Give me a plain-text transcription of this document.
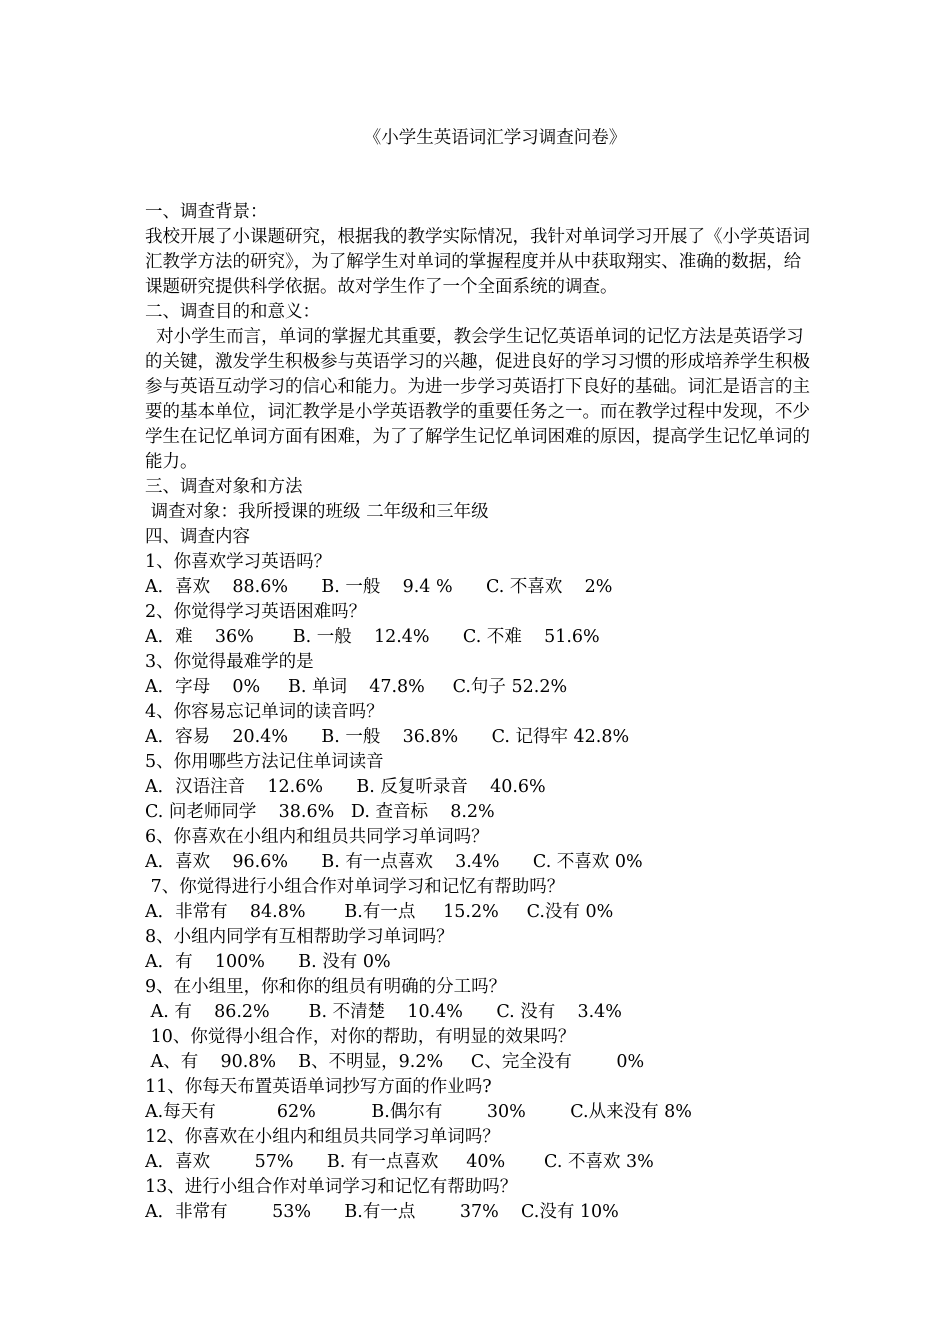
《小学生英语词汇学习调查问卷》
一、调查背景：
我校开展了小课题研究，根据我的教学实际情况，我针对单词学习开展了《小学英语词汇教学方法的研究》，为了解学生对单词的掌握程度并从中获取翔实、准确的数据，给课题研究提供科学依据。故对学生作了一个全面系统的调查。
二、调查目的和意义：
对小学生而言，单词的掌握尤其重要，教会学生记忆英语单词的记忆方法是英语学习的关键，激发学生积极参与英语学习的兴趣，促进良好的学习习惯的形成培养学生积极参与英语互动学习的信心和能力。为进一步学习英语打下良好的基础。词汇是语言的主要的基本单位，词汇教学是小学英语教学的重要任务之一。而在教学过程中发现，不少学生在记忆单词方面有困难，为了了解学生记忆单词困难的原因，提高学生记忆单词的能力。
三、调查对象和方法
调查对象：我所授课的班级 二年级和三年级
四、调查内容
1、你喜欢学习英语吗？
A．喜欢    88.6%      B. 一般    9.4 %      C. 不喜欢    2%
2、你觉得学习英语困难吗？
A．难    36%       B. 一般    12.4%      C. 不难    51.6%
3、你觉得最难学的是
A．字母    0%     B. 单词    47.8%     C.句子 52.2%
4、你容易忘记单词的读音吗？
A．容易    20.4%      B. 一般    36.8%      C. 记得牢 42.8%
5、你用哪些方法记住单词读音
A．汉语注音    12.6%      B. 反复听录音    40.6%
C. 问老师同学    38.6%   D. 查音标    8.2%
6、你喜欢在小组内和组员共同学习单词吗？
A．喜欢    96.6%      B. 有一点喜欢    3.4%      C. 不喜欢 0%
7、你觉得进行小组合作对单词学习和记忆有帮助吗？
A．非常有    84.8%       B.有一点     15.2%     C.没有 0%
8、小组内同学有互相帮助学习单词吗？
A．有    100%      B. 没有 0%
9、在小组里，你和你的组员有明确的分工吗？
A. 有    86.2%       B. 不清楚    10.4%      C. 没有    3.4%
10、你觉得小组合作，对你的帮助，有明显的效果吗？
A、有    90.8%    B、不明显，9.2%     C、完全没有        0%
11、你每天布置英语单词抄写方面的作业吗?
A.每天有           62%          B.偶尔有        30%        C.从来没有 8%
12、你喜欢在小组内和组员共同学习单词吗？
A．喜欢        57%      B. 有一点喜欢     40%       C. 不喜欢 3%
13、进行小组合作对单词学习和记忆有帮助吗？
A．非常有        53%      B.有一点        37%    C.没有 10%
